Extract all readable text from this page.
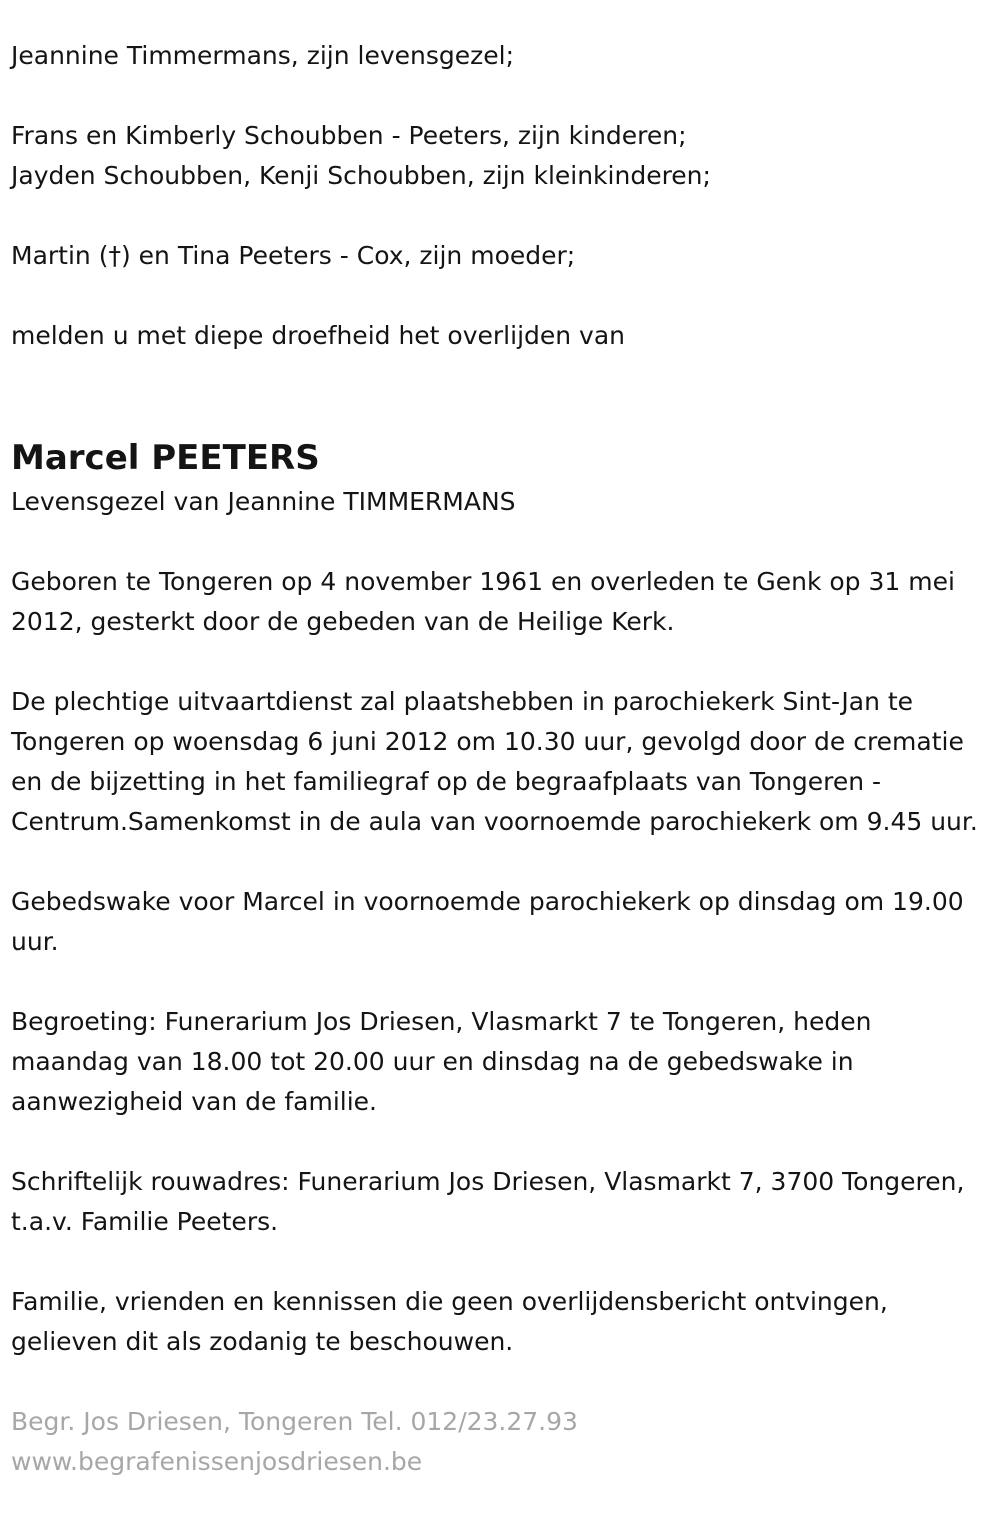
Jeannine Timmermans, zijn levensgezel;

Frans en Kimberly Schoubben - Peeters, zijn kinderen;

Jayden Schoubben, Kenji Schoubben, zijn kleinkinderen;

Martin (†) en Tina Peeters - Cox, zijn moeder;

melden u met diepe droefheid het overlijden van

Marcel PEETERS

Levensgezel van Jeannine TIMMERMANS

Geboren te Tongeren op 4 november 1961 en overleden te Genk op 31 mei 2012, gesterkt door de gebeden van de Heilige Kerk.

De plechtige uitvaartdienst zal plaatshebben in parochiekerk Sint-Jan te Tongeren op woensdag 6 juni 2012 om 10.30 uur, gevolgd door de crematie en de bijzetting in het familiegraf op de begraafplaats van Tongeren - Centrum.Samenkomst in de aula van voornoemde parochiekerk om 9.45 uur.

Gebedswake voor Marcel in voornoemde parochiekerk op dinsdag om 19.00 uur.

Begroeting: Funerarium Jos Driesen, Vlasmarkt 7 te Tongeren, heden maandag van 18.00 tot 20.00 uur en dinsdag na de gebedswake in aanwezigheid van de familie.

Schriftelijk rouwadres: Funerarium Jos Driesen, Vlasmarkt 7, 3700 Tongeren, t.a.v. Familie Peeters.

Familie, vrienden en kennissen die geen overlijdensbericht ontvingen, gelieven dit als zodanig te beschouwen.

Begr. Jos Driesen, Tongeren Tel. 012/23.27.93

www.begrafenissenjosdriesen.be
